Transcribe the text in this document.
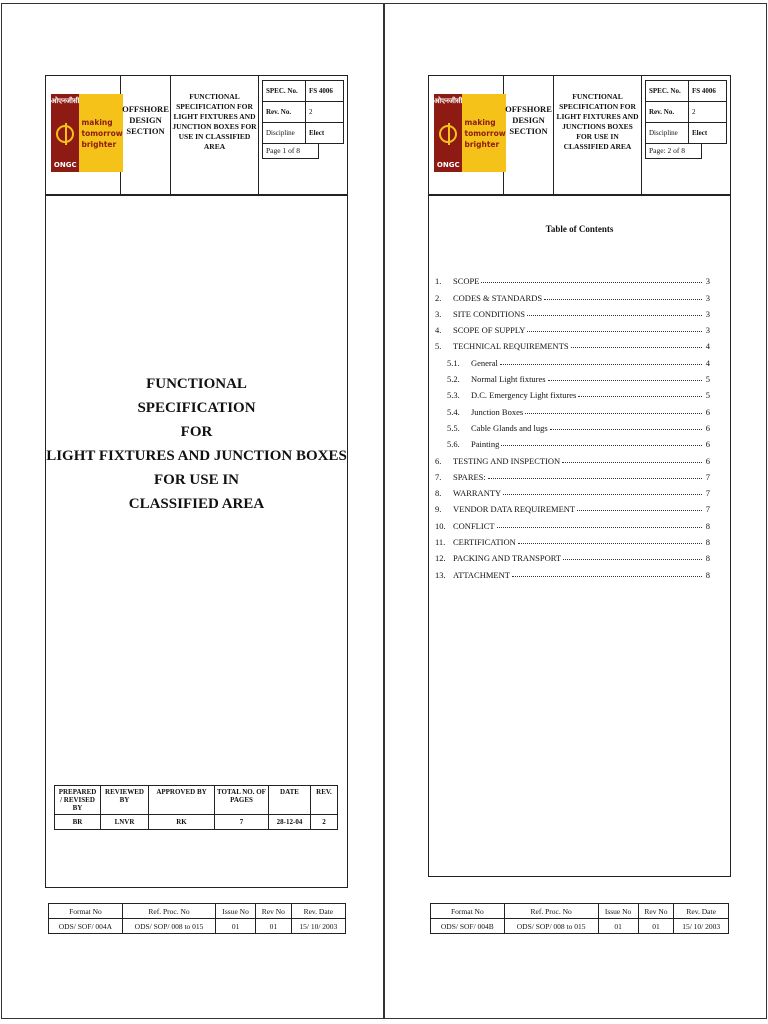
ओएनजीसी
ONGC
making
tomorrow
brighter
OFFSHORE DESIGN SECTION
FUNCTIONAL SPECIFICATION FOR LIGHT FIXTURES AND JUNCTION BOXES FOR USE IN CLASSIFIED AREA
SPEC. No.	FS 4006
Rev. No.	2
Discipline	Elect
Page 1 of 8
FUNCTIONAL
SPECIFICATION
FOR
LIGHT FIXTURES AND JUNCTION BOXES
FOR USE IN
CLASSIFIED AREA
PREPARED / REVISED BY	REVIEWED BY	APPROVED BY	TOTAL NO. OF PAGES	DATE	REV.
BR	LNVR	RK	7	28-12-04	2
Format No	Ref. Proc. No	Issue No	Rev No	Rev. Date
ODS/ SOF/ 004A	ODS/ SOP/ 008 to 015	01	01	15/ 10/ 2003
ओएनजीसी
ONGC
making
tomorrow
brighter
OFFSHORE DESIGN SECTION
FUNCTIONAL SPECIFICATION FOR LIGHT FIXTURES AND JUNCTIONS BOXES FOR USE IN CLASSIFIED AREA
SPEC. No.	FS 4006
Rev. No.	2
Discipline	Elect
Page: 2 of 8
Table of Contents
1.	SCOPE	3
2.	CODES & STANDARDS	3
3.	SITE CONDITIONS	3
4.	SCOPE OF SUPPLY	3
5.	TECHNICAL REQUIREMENTS	4
5.1.	General	4
5.2.	Normal Light fixtures	5
5.3.	D.C. Emergency Light fixtures	5
5.4.	Junction Boxes	6
5.5.	Cable Glands and lugs	6
5.6.	Painting	6
6.	TESTING AND INSPECTION	6
7.	SPARES:	7
8.	WARRANTY	7
9.	VENDOR DATA REQUIREMENT	7
10. CONFLICT	8
11. CERTIFICATION	8
12. PACKING AND TRANSPORT	8
13. ATTACHMENT	8
Format No	Ref. Proc. No	Issue No	Rev No	Rev. Date
ODS/ SOF/ 004B	ODS/ SOP/ 008 to 015	01	01	15/ 10/ 2003
